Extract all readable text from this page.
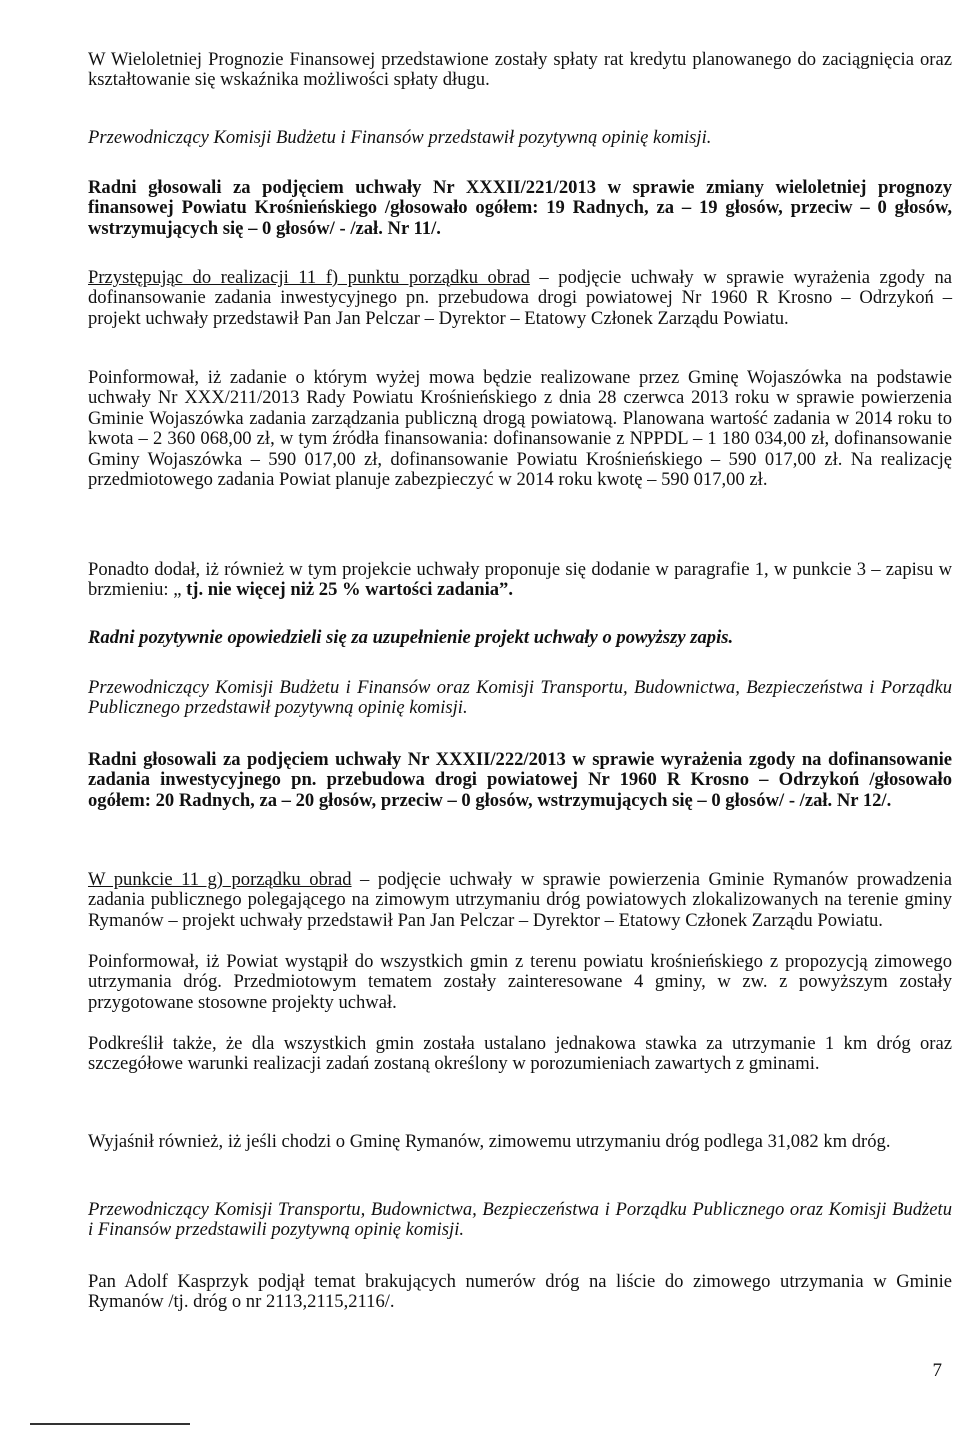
W Wieloletniej Prognozie Finansowej przedstawione zostały spłaty rat kredytu planowanego do zaciągnięcia oraz kształtowanie się wskaźnika możliwości spłaty długu.

Przewodniczący Komisji Budżetu i Finansów przedstawił pozytywną opinię komisji.

Radni głosowali za podjęciem uchwały Nr XXXII/221/2013 w sprawie zmiany wieloletniej prognozy finansowej Powiatu Krośnieńskiego /głosowało ogółem: 19 Radnych, za – 19 głosów, przeciw – 0 głosów, wstrzymujących się – 0 głosów/ - /zał. Nr 11/.

Przystępując do realizacji 11 f) punktu porządku obrad – podjęcie uchwały w sprawie wyrażenia zgody na dofinansowanie zadania inwestycyjnego pn. przebudowa drogi powiatowej Nr 1960 R Krosno – Odrzykoń – projekt uchwały przedstawił Pan Jan Pelczar – Dyrektor – Etatowy Członek Zarządu Powiatu.

Poinformował, iż zadanie o którym wyżej mowa będzie realizowane przez Gminę Wojaszówka na podstawie uchwały Nr XXX/211/2013 Rady Powiatu Krośnieńskiego z dnia 28 czerwca 2013 roku w sprawie powierzenia Gminie Wojaszówka zadania zarządzania publiczną drogą powiatową. Planowana wartość zadania w 2014 roku to kwota – 2 360 068,00 zł, w tym źródła finansowania: dofinansowanie z NPPDL – 1 180 034,00 zł, dofinansowanie Gminy Wojaszówka – 590 017,00 zł, dofinansowanie Powiatu Krośnieńskiego – 590 017,00 zł. Na realizację przedmiotowego zadania Powiat planuje zabezpieczyć w 2014 roku kwotę – 590 017,00 zł.

Ponadto dodał, iż również w tym projekcie uchwały proponuje się dodanie w paragrafie 1, w punkcie 3 – zapisu w brzmieniu: „ tj. nie więcej niż 25 % wartości zadania”.

Radni pozytywnie opowiedzieli się za uzupełnienie projekt uchwały o powyższy zapis.

Przewodniczący Komisji Budżetu i Finansów oraz Komisji Transportu, Budownictwa, Bezpieczeństwa i Porządku Publicznego przedstawił pozytywną opinię komisji.

Radni głosowali za podjęciem uchwały Nr XXXII/222/2013 w sprawie wyrażenia zgody na dofinansowanie zadania inwestycyjnego pn. przebudowa drogi powiatowej Nr 1960 R Krosno – Odrzykoń /głosowało ogółem: 20 Radnych, za – 20 głosów, przeciw – 0 głosów, wstrzymujących się – 0 głosów/ - /zał. Nr 12/.

W punkcie 11 g) porządku obrad – podjęcie uchwały w sprawie powierzenia Gminie Rymanów prowadzenia zadania publicznego polegającego na zimowym utrzymaniu dróg powiatowych zlokalizowanych na terenie gminy Rymanów – projekt uchwały przedstawił Pan Jan Pelczar – Dyrektor – Etatowy Członek Zarządu Powiatu.

Poinformował, iż Powiat wystąpił do wszystkich gmin z terenu powiatu krośnieńskiego z propozycją zimowego utrzymania dróg. Przedmiotowym tematem zostały zainteresowane 4 gminy, w zw. z powyższym zostały przygotowane stosowne projekty uchwał.

Podkreślił także, że dla wszystkich gmin została ustalano jednakowa stawka za utrzymanie 1 km dróg oraz szczegółowe warunki realizacji zadań zostaną określony w porozumieniach zawartych z gminami.

Wyjaśnił również, iż jeśli chodzi o Gminę Rymanów, zimowemu utrzymaniu dróg podlega 31,082 km dróg.

Przewodniczący Komisji Transportu, Budownictwa, Bezpieczeństwa i Porządku Publicznego oraz Komisji Budżetu i Finansów przedstawili pozytywną opinię komisji.

Pan Adolf Kasprzyk podjął temat brakujących numerów dróg na liście do zimowego utrzymania w Gminie Rymanów /tj. dróg o nr 2113,2115,2116/.

7
